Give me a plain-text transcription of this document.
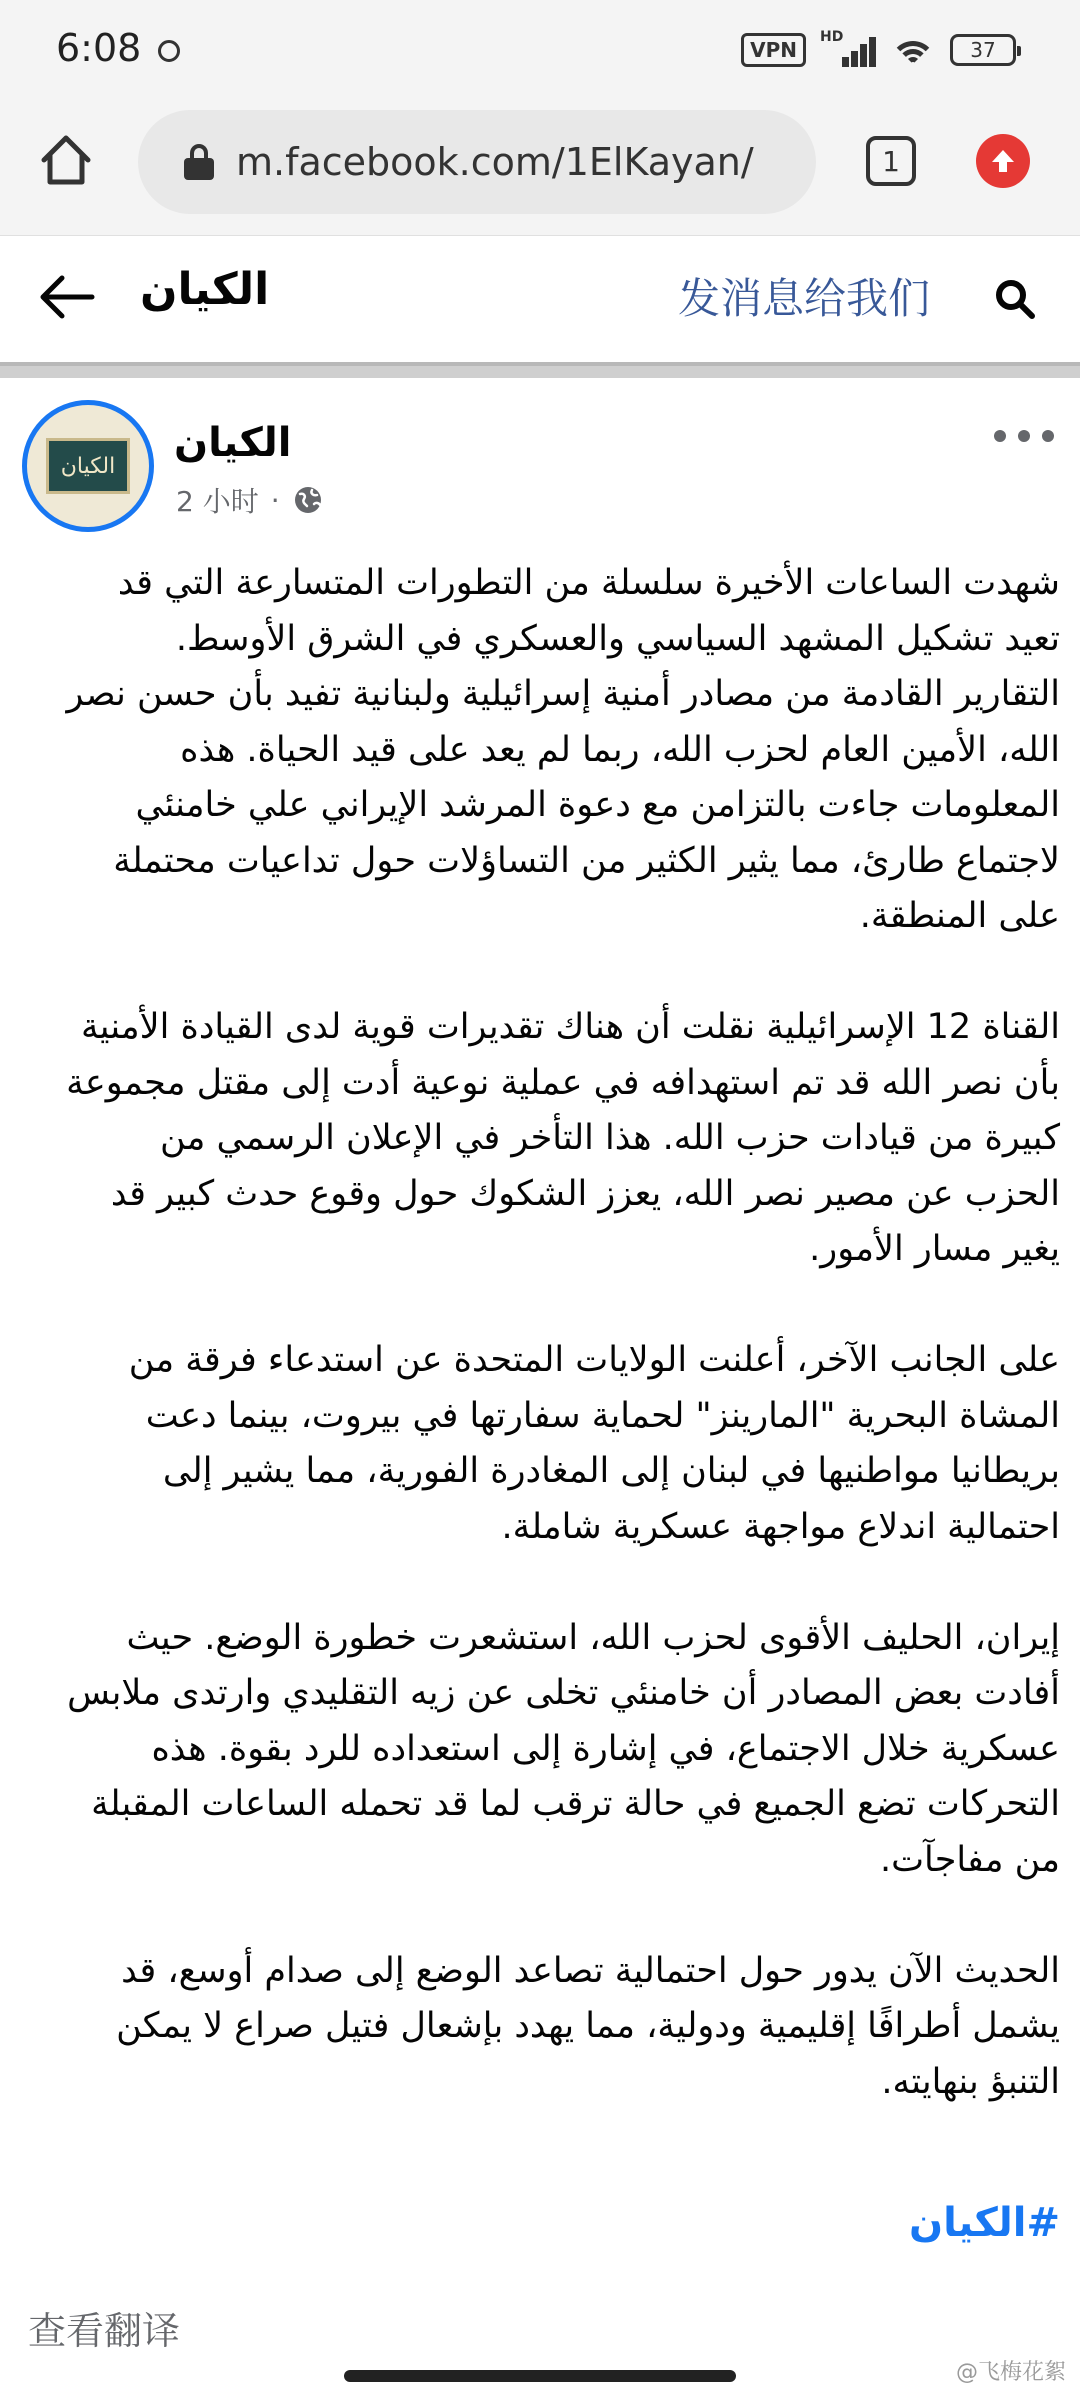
6:08	VPN
HD
37
m.facebook.com/1ElKayan/	1
الكيان	发消息给我们
الكيان	الكيان
2 小时 ·

شهدت الساعات الأخيرة سلسلة من التطورات المتسارعة التي قد تعيد تشكيل المشهد السياسي والعسكري في الشرق الأوسط. التقارير القادمة من مصادر أمنية إسرائيلية ولبنانية تفيد بأن حسن نصر الله، الأمين العام لحزب الله، ربما لم يعد على قيد الحياة. هذه المعلومات جاءت بالتزامن مع دعوة المرشد الإيراني علي خامنئي لاجتماع طارئ، مما يثير الكثير من التساؤلات حول تداعيات محتملة على المنطقة.

القناة 12 الإسرائيلية نقلت أن هناك تقديرات قوية لدى القيادة الأمنية بأن نصر الله قد تم استهدافه في عملية نوعية أدت إلى مقتل مجموعة كبيرة من قيادات حزب الله. هذا التأخر في الإعلان الرسمي من الحزب عن مصير نصر الله، يعزز الشكوك حول وقوع حدث كبير قد يغير مسار الأمور.

على الجانب الآخر، أعلنت الولايات المتحدة عن استدعاء فرقة من المشاة البحرية "المارينز" لحماية سفارتها في بيروت، بينما دعت بريطانيا مواطنيها في لبنان إلى المغادرة الفورية، مما يشير إلى احتمالية اندلاع مواجهة عسكرية شاملة.

إيران، الحليف الأقوى لحزب الله، استشعرت خطورة الوضع. حيث أفادت بعض المصادر أن خامنئي تخلى عن زيه التقليدي وارتدى ملابس عسكرية خلال الاجتماع، في إشارة إلى استعداده للرد بقوة. هذه التحركات تضع الجميع في حالة ترقب لما قد تحمله الساعات المقبلة من مفاجآت.

الحديث الآن يدور حول احتمالية تصاعد الوضع إلى صدام أوسع، قد يشمل أطرافًا إقليمية ودولية، مما يهدد بإشعال فتيل صراع لا يمكن التنبؤ بنهايته.

#الكيان
查看翻译
@飞梅花絮
